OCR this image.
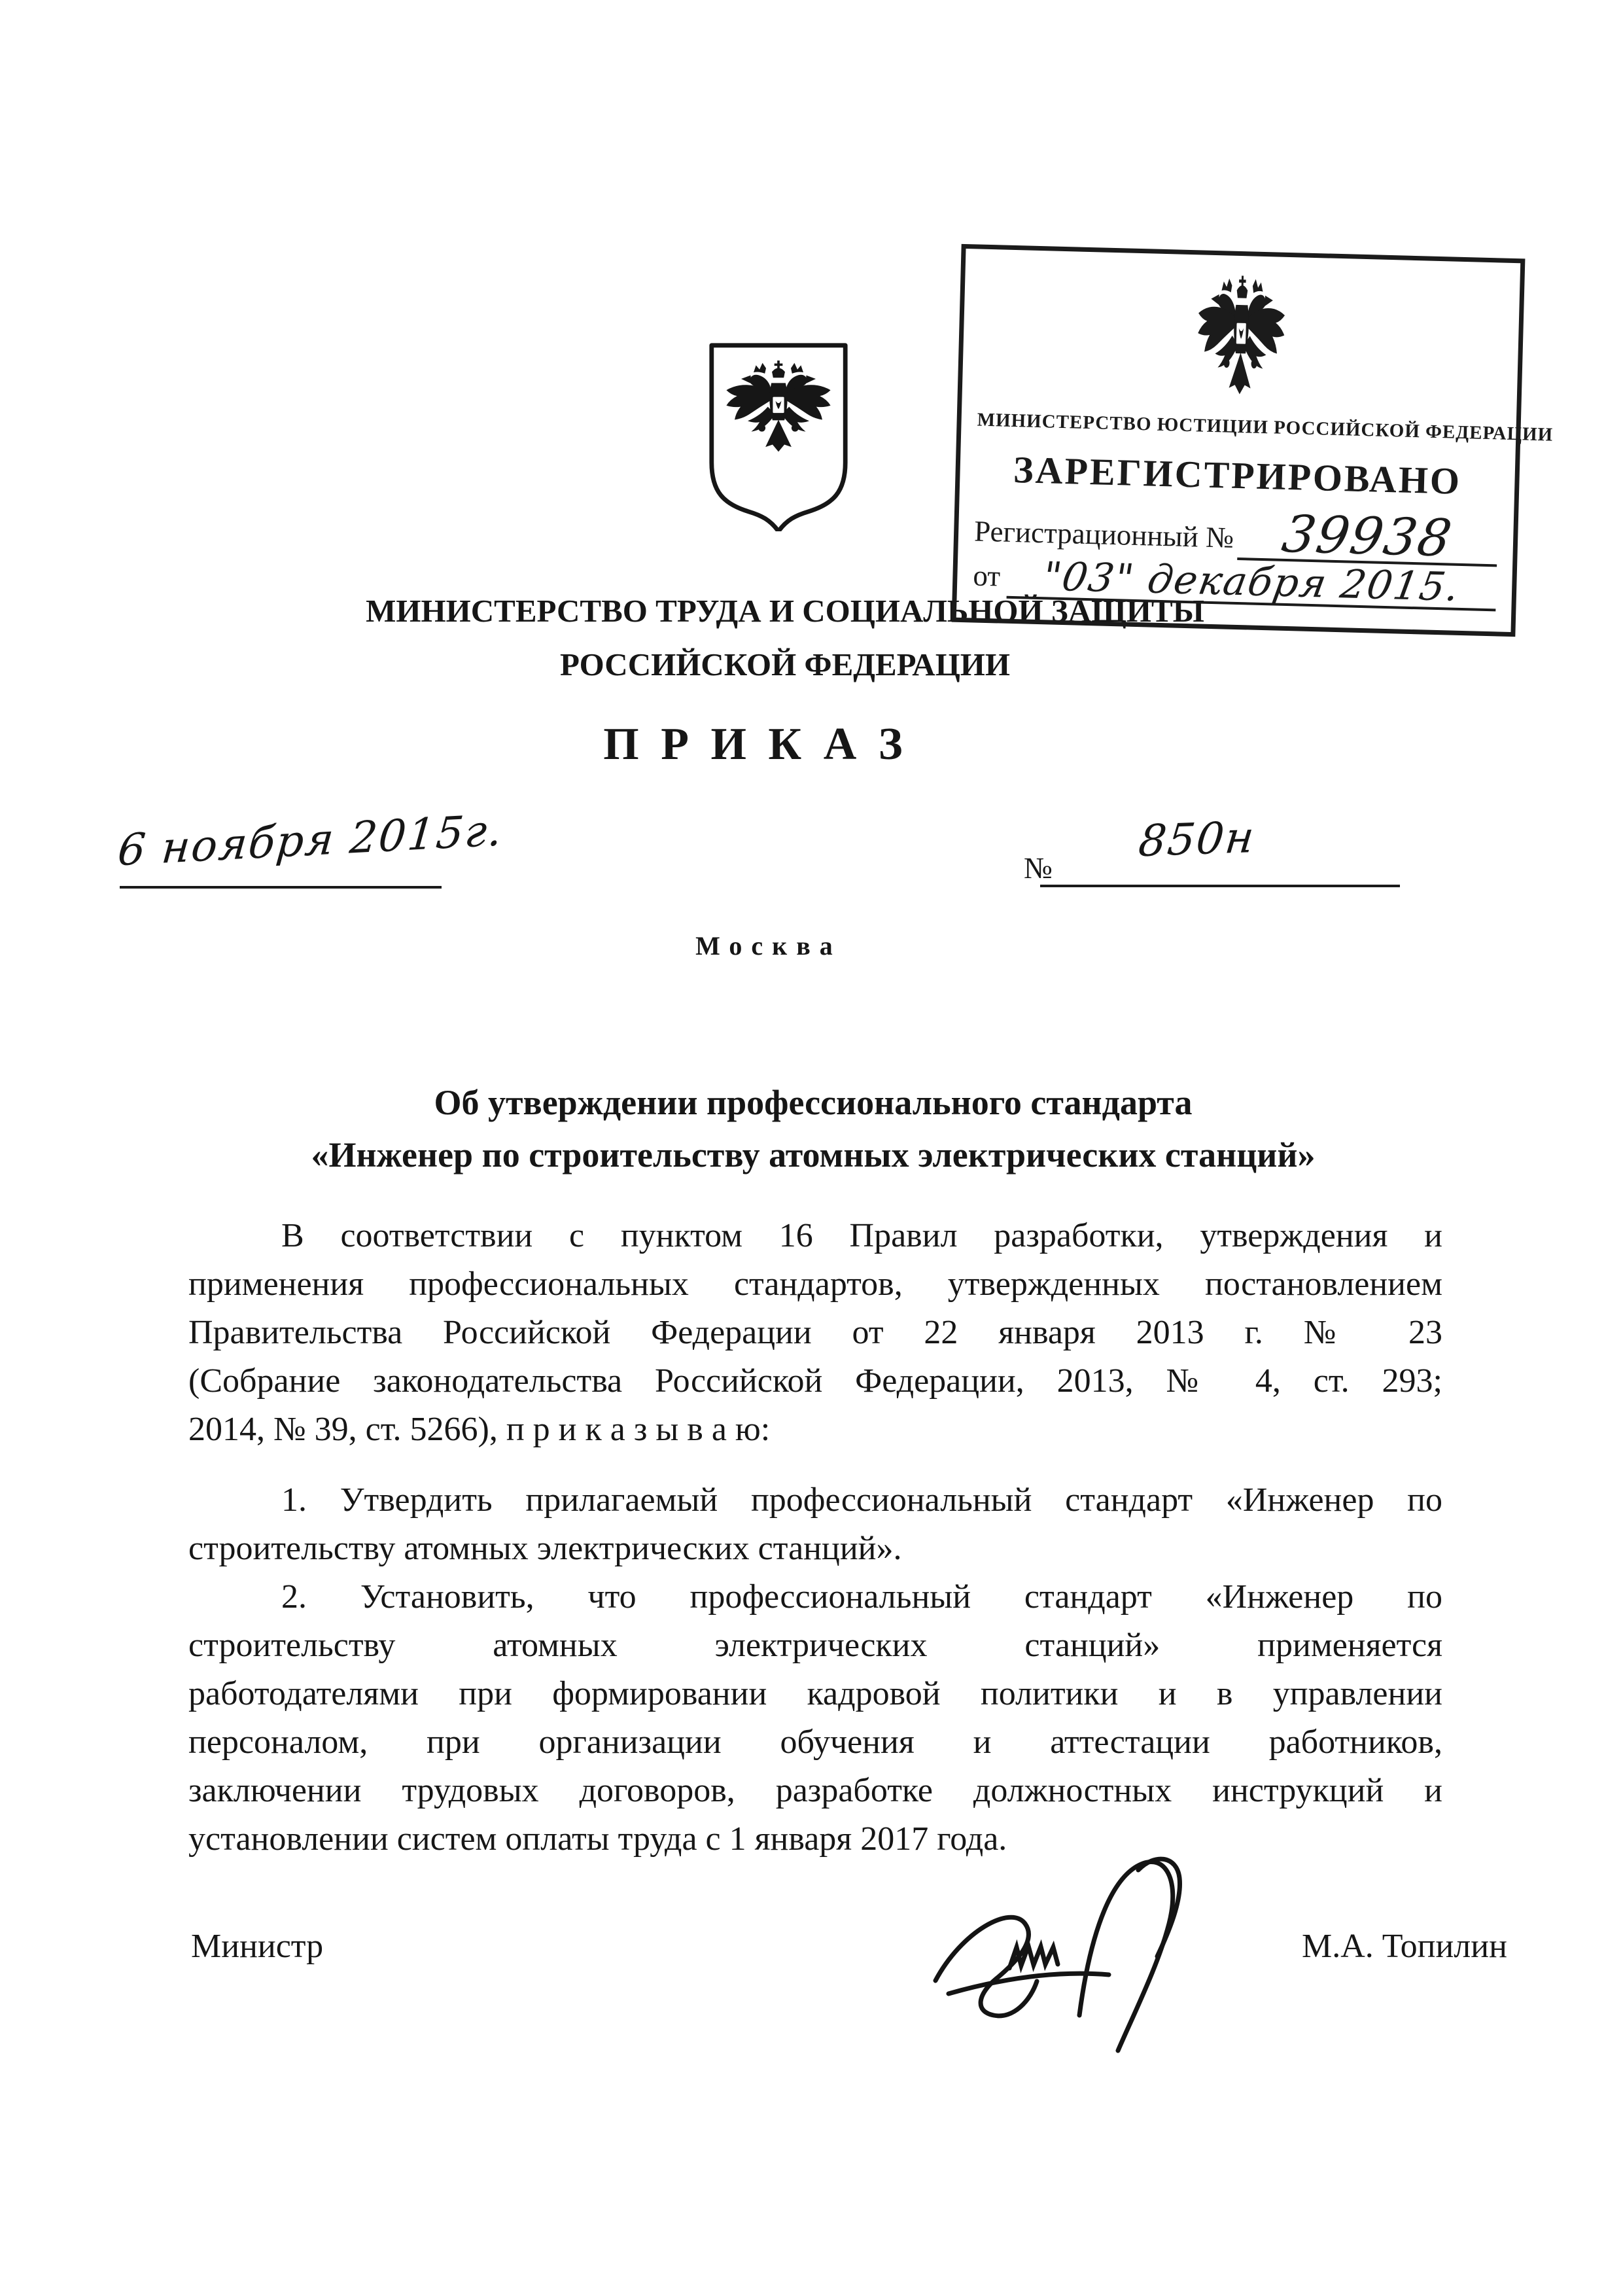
МИНИСТЕРСТВО ЮСТИЦИИ РОССИЙСКОЙ ФЕДЕРАЦИИ
ЗАРЕГИСТРИРОВАНО
Регистрационный № 39938
от "03" декабря 2015.
МИНИСТЕРСТВО ТРУДА И СОЦИАЛЬНОЙ ЗАЩИТЫ
РОССИЙСКОЙ ФЕДЕРАЦИИ
П Р И К А З
6 ноября 2015г.	№
850н
Москва
Об утверждении профессионального стандарта
«Инженер по строительству атомных электрических станций»
В соответствии с пунктом 16 Правил разработки, утверждения и
применения профессиональных стандартов, утвержденных постановлением
Правительства Российской Федерации от 22 января 2013 г. № 23
(Собрание законодательства Российской Федерации, 2013, № 4, ст. 293;
2014, № 39, ст. 5266), п р и к а з ы в а ю:
1. Утвердить прилагаемый профессиональный стандарт «Инженер по
строительству атомных электрических станций».
2. Установить, что профессиональный стандарт «Инженер по
строительству атомных электрических станций» применяется
работодателями при формировании кадровой политики и в управлении
персоналом, при организации обучения и аттестации работников,
заключении трудовых договоров, разработке должностных инструкций и
установлении систем оплаты труда с 1 января 2017 года.
Министр	М.А. Топилин
